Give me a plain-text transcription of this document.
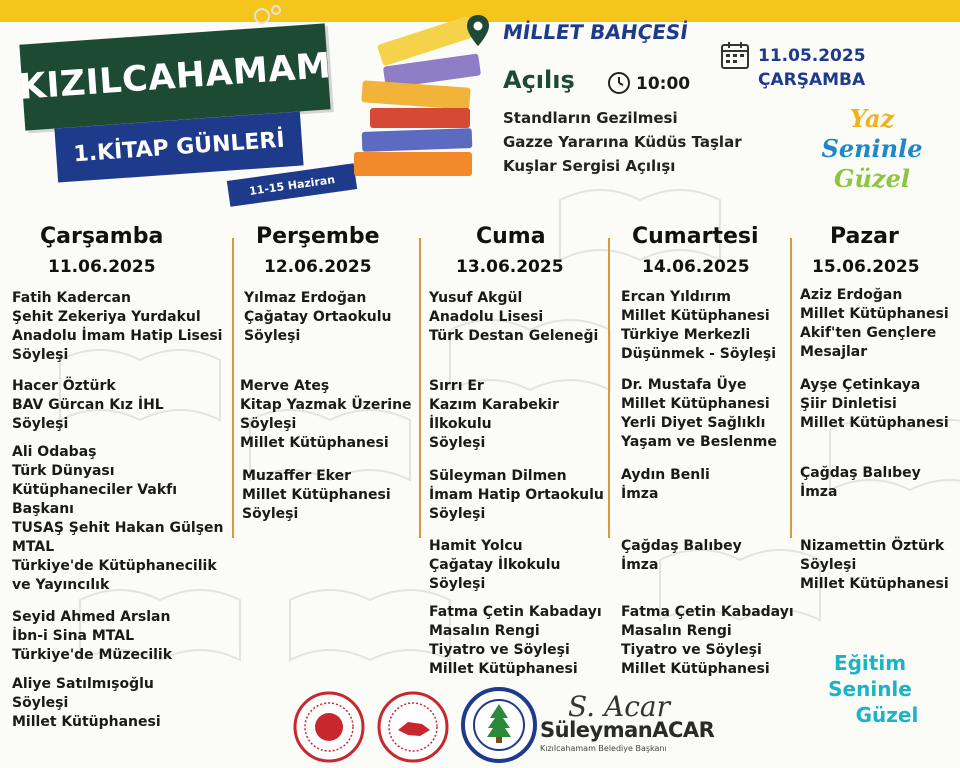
KIZILCAHAMAM
1.KİTAP GÜNLERİ
11-15 Haziran
MİLLET BAHÇESİ
11.05.2025
ÇARŞAMBA
Açılış	10:00
Standların Gezilmesi
Gazze Yararına Küdüs Taşlar
Kuşlar Sergisi Açılışı
Yaz
Seninle
Güzel
Çarşamba
11.06.2025
Fatih Kadercan
Şehit Zekeriya Yurdakul
Anadolu İmam Hatip Lisesi
Söyleşi
Hacer Öztürk
BAV Gürcan Kız İHL
Söyleşi
Ali Odabaş
Türk Dünyası
Kütüphaneciler Vakfı
Başkanı
TUSAŞ Şehit Hakan Gülşen
MTAL
Türkiye'de Kütüphanecilik
ve Yayıncılık
Seyid Ahmed Arslan
İbn-i Sina MTAL
Türkiye'de Müzecilik
Aliye Satılmışoğlu
Söyleşi
Millet Kütüphanesi
Perşembe
12.06.2025
Yılmaz Erdoğan
Çağatay Ortaokulu
Söyleşi
Merve Ateş
Kitap Yazmak Üzerine
Söyleşi
Millet Kütüphanesi
Muzaffer Eker
Millet Kütüphanesi
Söyleşi
Cuma
13.06.2025
Yusuf Akgül
Anadolu Lisesi
Türk Destan Geleneği
Sırrı Er
Kazım Karabekir
İlkokulu
Söyleşi
Süleyman Dilmen
İmam Hatip Ortaokulu
Söyleşi
Hamit Yolcu
Çağatay İlkokulu
Söyleşi
Fatma Çetin Kabadayı
Masalın Rengi
Tiyatro ve Söyleşi
Millet Kütüphanesi
Cumartesi
14.06.2025
Ercan Yıldırım
Millet Kütüphanesi
Türkiye Merkezli
Düşünmek - Söyleşi
Dr. Mustafa Üye
Millet Kütüphanesi
Yerli Diyet Sağlıklı
Yaşam ve Beslenme
Aydın Benli
İmza
Çağdaş Balıbey
İmza
Fatma Çetin Kabadayı
Masalın Rengi
Tiyatro ve Söyleşi
Millet Kütüphanesi
Pazar
15.06.2025
Aziz Erdoğan
Millet Kütüphanesi
Akif'ten Gençlere
Mesajlar
Ayşe Çetinkaya
Şiir Dinletisi
Millet Kütüphanesi
Çağdaş Balıbey
İmza
Nizamettin Öztürk
Söyleşi
Millet Kütüphanesi
S. Acar
SüleymanACAR
Kızılcahamam Belediye Başkanı
Eğitim
Seninle
Güzel
